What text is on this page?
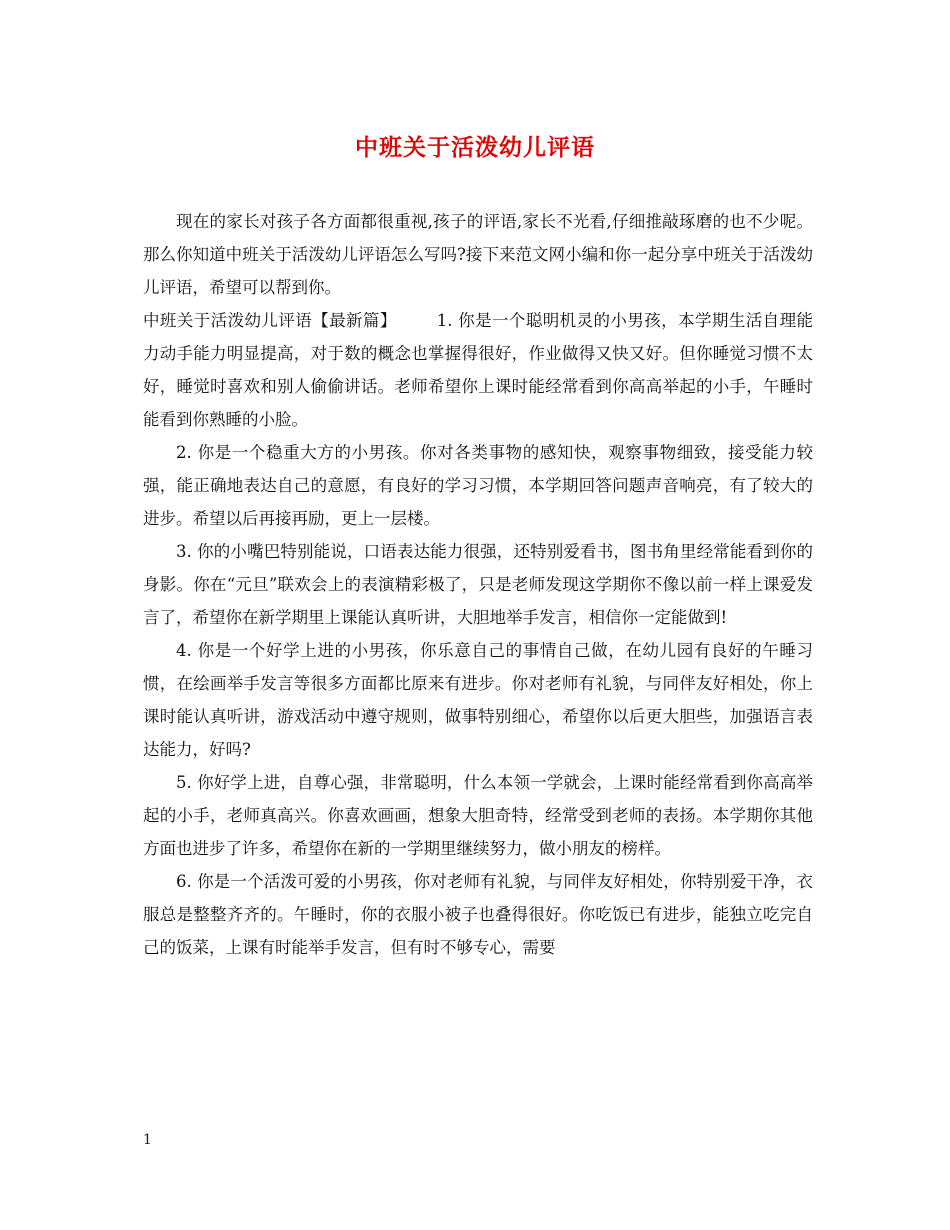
中班关于活泼幼儿评语

现在的家长对孩子各方面都很重视,孩子的评语,家长不光看,仔细推敲琢磨的也不少呢。那么你知道中班关于活泼幼儿评语怎么写吗?接下来范文网小编和你一起分享中班关于活泼幼儿评语，希望可以帮到你。

中班关于活泼幼儿评语【最新篇】 1. 你是一个聪明机灵的小男孩，本学期生活自理能力动手能力明显提高，对于数的概念也掌握得很好，作业做得又快又好。但你睡觉习惯不太好，睡觉时喜欢和别人偷偷讲话。老师希望你上课时能经常看到你高高举起的小手，午睡时能看到你熟睡的小脸。

2. 你是一个稳重大方的小男孩。你对各类事物的感知快，观察事物细致，接受能力较强，能正确地表达自己的意愿，有良好的学习习惯，本学期回答问题声音响亮，有了较大的进步。希望以后再接再励，更上一层楼。

3. 你的小嘴巴特别能说，口语表达能力很强，还特别爱看书，图书角里经常能看到你的身影。你在“元旦”联欢会上的表演精彩极了，只是老师发现这学期你不像以前一样上课爱发言了，希望你在新学期里上课能认真听讲，大胆地举手发言，相信你一定能做到!

4. 你是一个好学上进的小男孩，你乐意自己的事情自己做，在幼儿园有良好的午睡习惯，在绘画举手发言等很多方面都比原来有进步。你对老师有礼貌，与同伴友好相处，你上课时能认真听讲，游戏活动中遵守规则，做事特别细心，希望你以后更大胆些，加强语言表达能力，好吗?

5. 你好学上进，自尊心强，非常聪明，什么本领一学就会，上课时能经常看到你高高举起的小手，老师真高兴。你喜欢画画，想象大胆奇特，经常受到老师的表扬。本学期你其他方面也进步了许多，希望你在新的一学期里继续努力，做小朋友的榜样。

6. 你是一个活泼可爱的小男孩，你对老师有礼貌，与同伴友好相处，你特别爱干净，衣服总是整整齐齐的。午睡时，你的衣服小被子也叠得很好。你吃饭已有进步，能独立吃完自己的饭菜，上课有时能举手发言，但有时不够专心，需要

1
